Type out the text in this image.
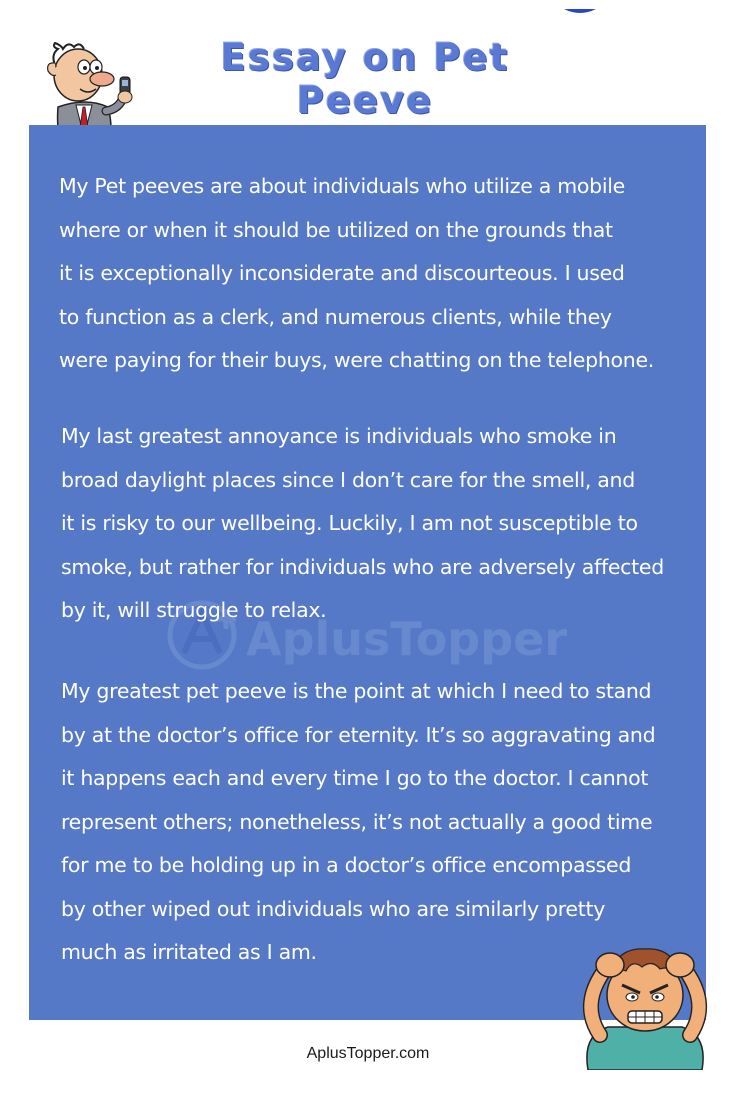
Essay on Pet Peeve
AplusTopper

My Pet peeves are about individuals who utilize a mobile
where or when it should be utilized on the grounds that
it is exceptionally inconsiderate and discourteous. I used
to function as a clerk, and numerous clients, while they
were paying for their buys, were chatting on the telephone.

My last greatest annoyance is individuals who smoke in
broad daylight places since I don’t care for the smell, and
it is risky to our wellbeing. Luckily, I am not susceptible to
smoke, but rather for individuals who are adversely affected
by it, will struggle to relax.

My greatest pet peeve is the point at which I need to stand
by at the doctor’s office for eternity. It’s so aggravating and
it happens each and every time I go to the doctor. I cannot
represent others; nonetheless, it’s not actually a good time
for me to be holding up in a doctor’s office encompassed
by other wiped out individuals who are similarly pretty
much as irritated as I am.

AplusTopper.com
